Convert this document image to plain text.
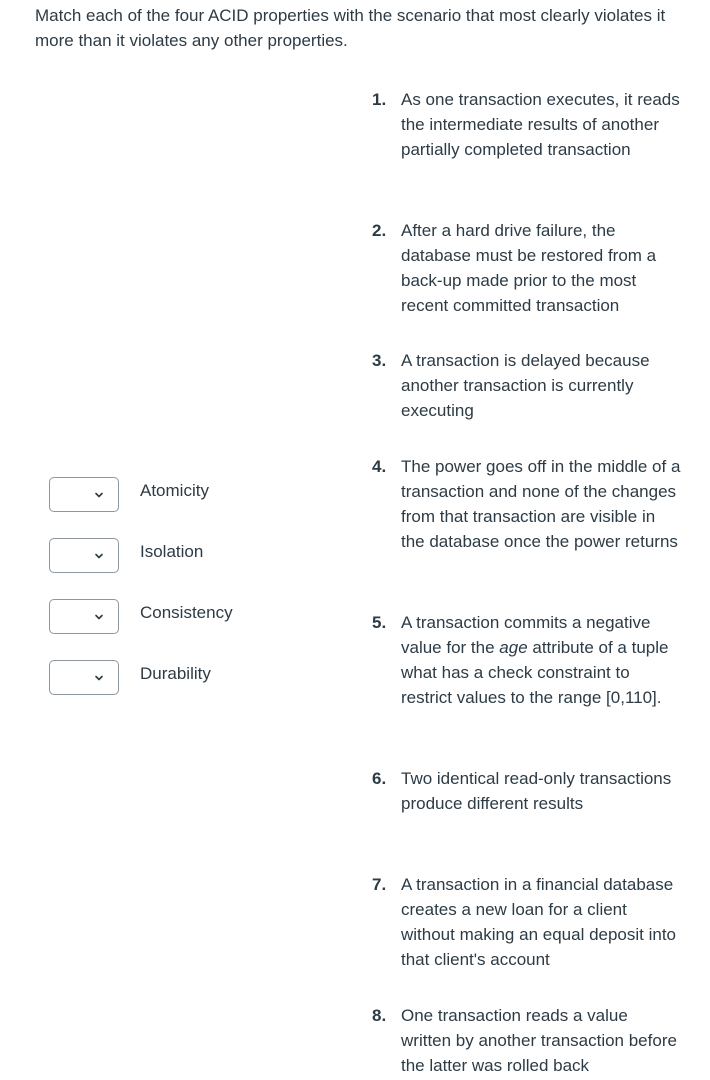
Match each of the four ACID properties with the scenario that most clearly violates it more than it violates any other properties.
Atomicity
Isolation
Consistency
Durability
1. As one transaction executes, it reads the intermediate results of another partially completed transaction
2. After a hard drive failure, the database must be restored from a back-up made prior to the most recent committed transaction
3. A transaction is delayed because another transaction is currently executing
4. The power goes off in the middle of a transaction and none of the changes from that transaction are visible in the database once the power returns
5. A transaction commits a negative value for the age attribute of a tuple what has a check constraint to restrict values to the range [0,110].
6. Two identical read-only transactions produce different results
7. A transaction in a financial database creates a new loan for a client without making an equal deposit into that client's account
8. One transaction reads a value written by another transaction before the latter was rolled back
